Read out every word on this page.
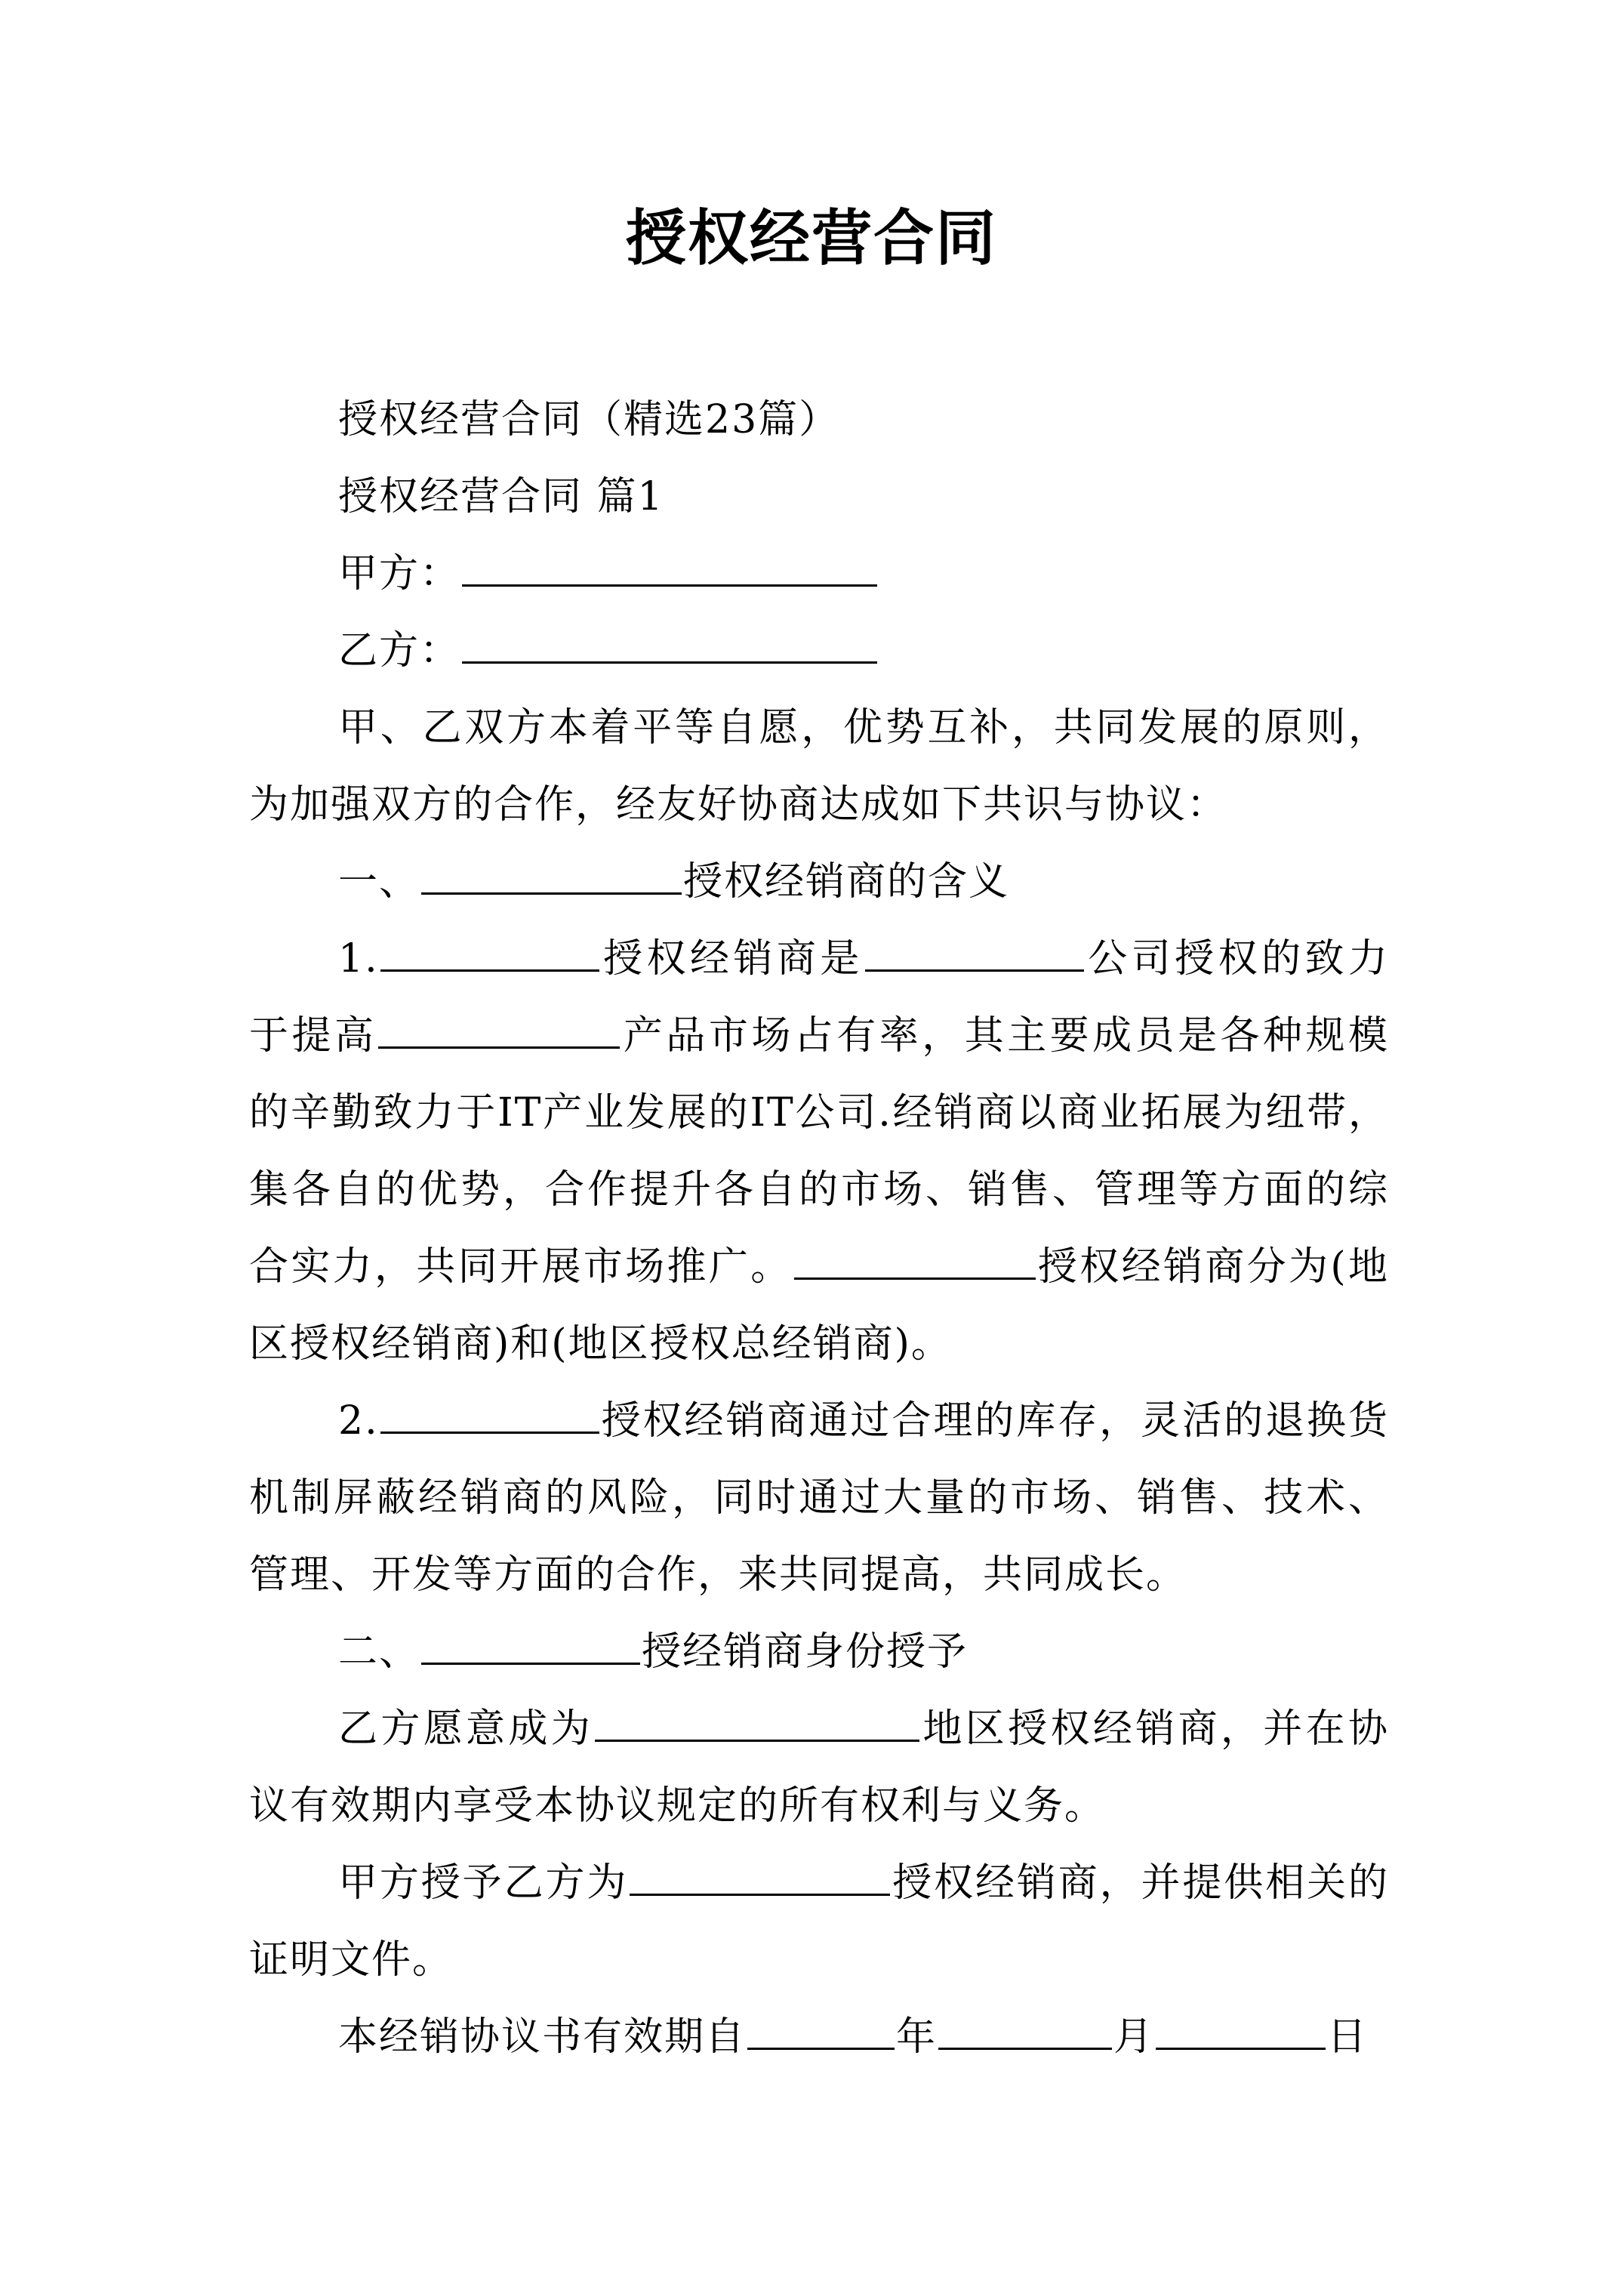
授权经营合同

授权经营合同（精选23篇）

授权经营合同 篇1

甲方：

乙方：

甲、乙双方本着平等自愿，优势互补，共同发展的原则，为加强双方的合作，经友好协商达成如下共识与协议：

一、	授权经销商的含义

1.	授权经销商是	公司授权的致力于提高	产品市场占有率，其主要成员是各种规模的辛勤致力于IT产业发展的IT公司.经销商以商业拓展为纽带，集各自的优势，合作提升各自的市场、销售、管理等方面的综合实力，共同开展市场推广。	授权经销商分为(地区授权经销商)和(地区授权总经销商)。

2.	授权经销商通过合理的库存，灵活的退换货机制屏蔽经销商的风险，同时通过大量的市场、销售、技术、管理、开发等方面的合作，来共同提高，共同成长。

二、	授经销商身份授予

乙方愿意成为	地区授权经销商，并在协议有效期内享受本协议规定的所有权利与义务。

甲方授予乙方为	授权经销商，并提供相关的证明文件。

本经销协议书有效期自	年	月	日
